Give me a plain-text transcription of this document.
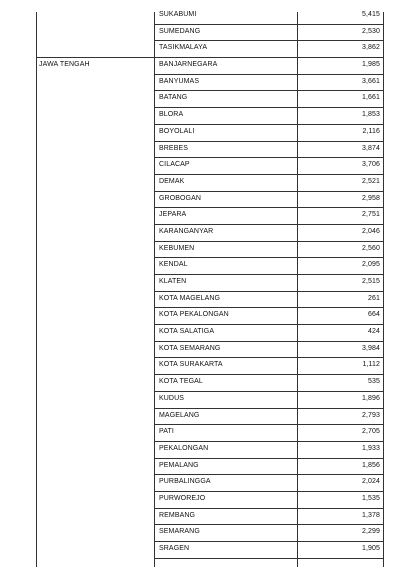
SUKABUMI	5,415
SUMEDANG	2,530
TASIKMALAYA	3,862
JAWA TENGAH	BANJARNEGARA	1,985
BANYUMAS	3,661
BATANG	1,661
BLORA	1,853
BOYOLALI	2,116
BREBES	3,874
CILACAP	3,706
DEMAK	2,521
GROBOGAN	2,958
JEPARA	2,751
KARANGANYAR	2,046
KEBUMEN	2,560
KENDAL	2,095
KLATEN	2,515
KOTA MAGELANG	261
KOTA PEKALONGAN	664
KOTA SALATIGA	424
KOTA SEMARANG	3,984
KOTA SURAKARTA	1,112
KOTA TEGAL	535
KUDUS	1,896
MAGELANG	2,793
PATI	2,705
PEKALONGAN	1,933
PEMALANG	1,856
PURBALINGGA	2,024
PURWOREJO	1,535
REMBANG	1,378
SEMARANG	2,299
SRAGEN	1,905
